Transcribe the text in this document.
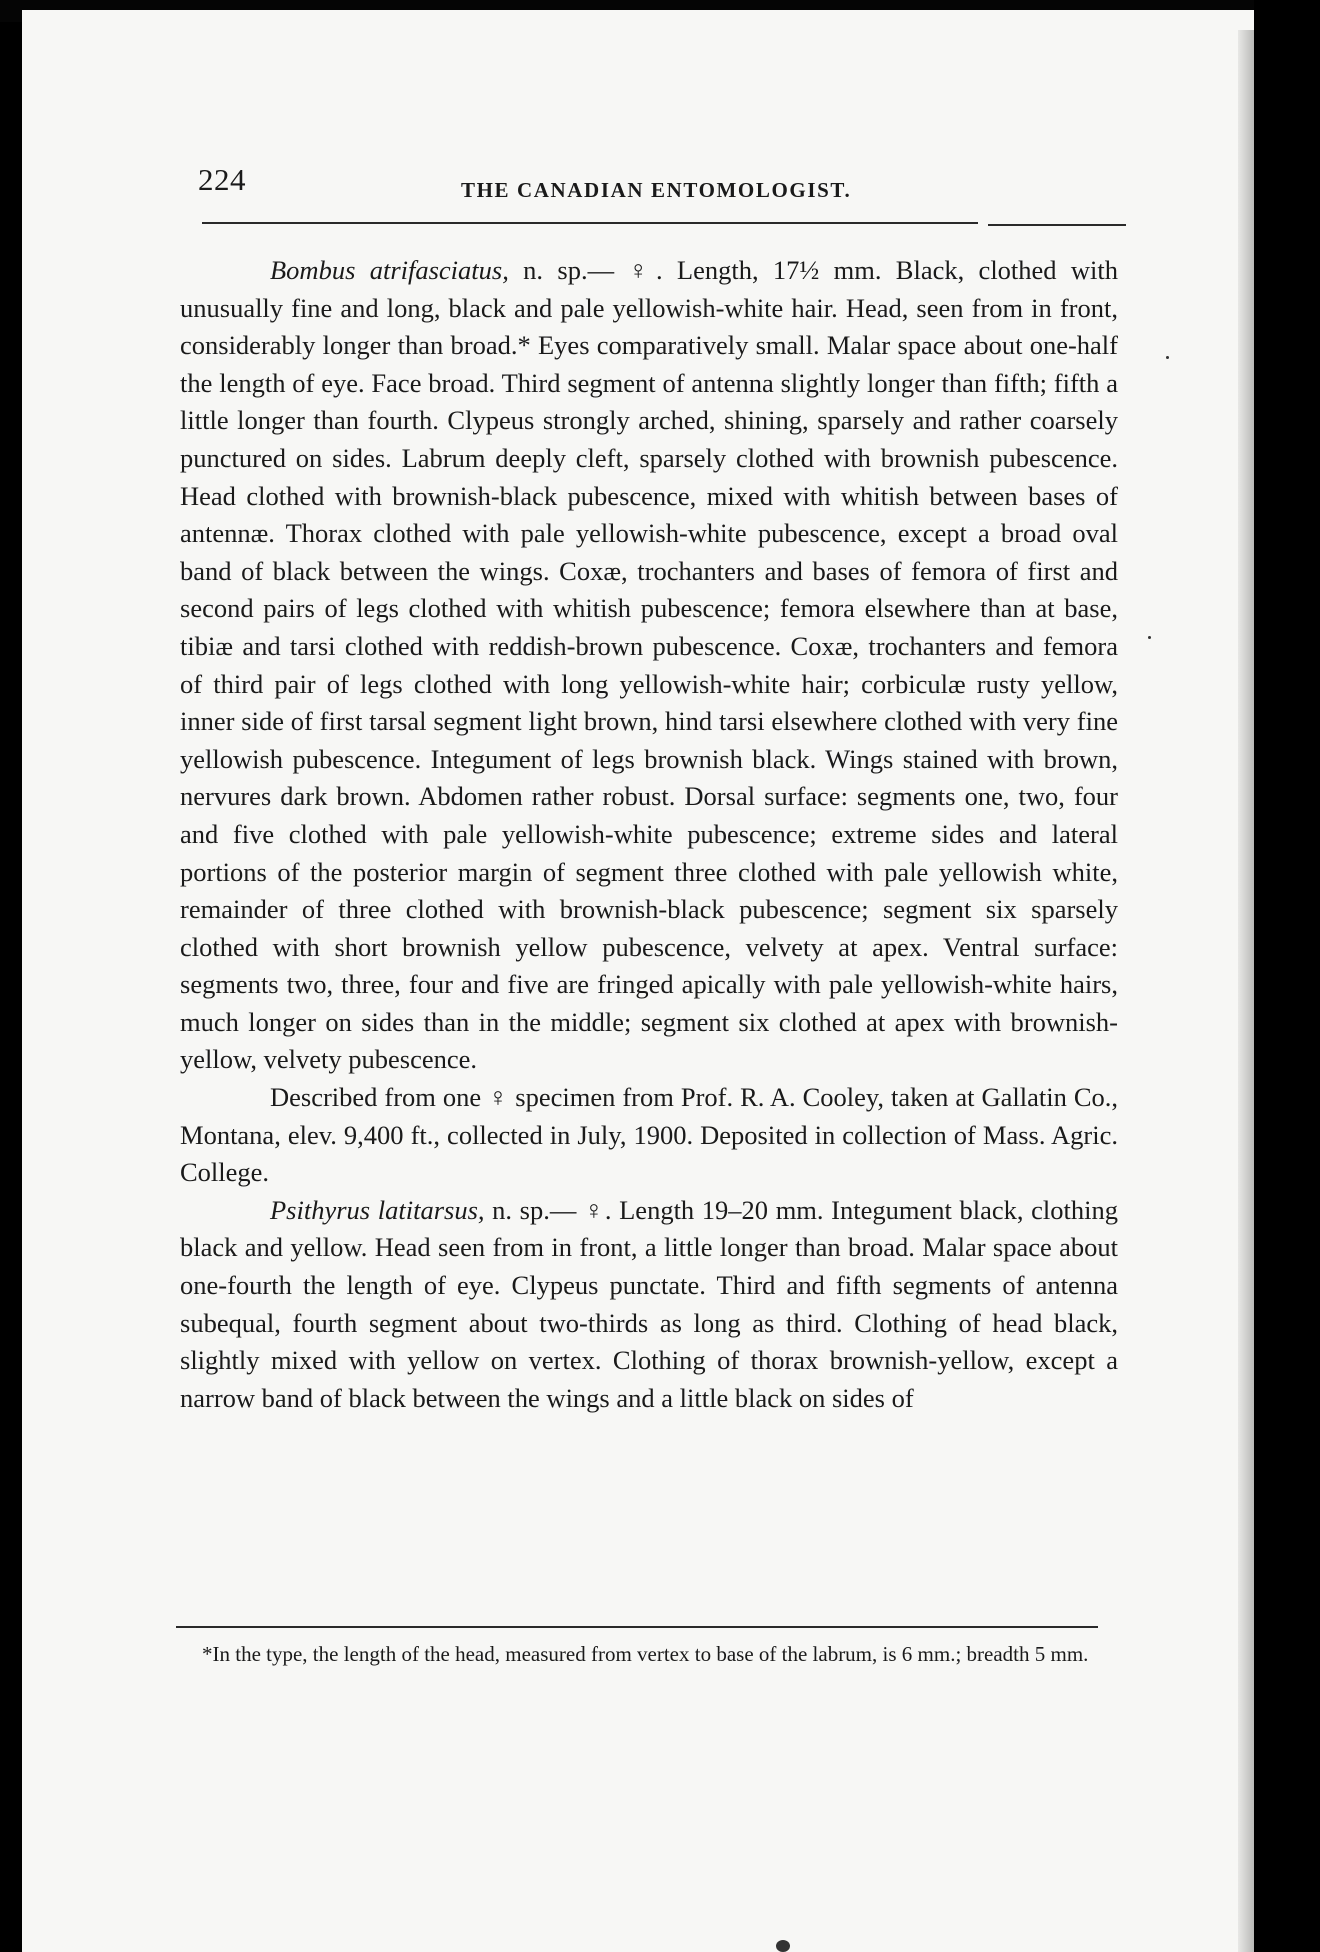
224	THE CANADIAN ENTOMOLOGIST.

Bombus atrifasciatus, n. sp.— ♀. Length, 17½ mm. Black, clothed with unusually fine and long, black and pale yellowish-white hair. Head, seen from in front, considerably longer than broad.* Eyes comparatively small. Malar space about one-half the length of eye. Face broad. Third segment of antenna slightly longer than fifth; fifth a little longer than fourth. Clypeus strongly arched, shining, sparsely and rather coarsely punctured on sides. Labrum deeply cleft, sparsely clothed with brownish pubescence. Head clothed with brownish-black pubescence, mixed with whitish between bases of antennæ. Thorax clothed with pale yellowish-white pubescence, except a broad oval band of black between the wings. Coxæ, trochanters and bases of femora of first and second pairs of legs clothed with whitish pubescence; femora elsewhere than at base, tibiæ and tarsi clothed with reddish-brown pubescence. Coxæ, trochanters and femora of third pair of legs clothed with long yellowish-white hair; corbiculæ rusty yellow, inner side of first tarsal segment light brown, hind tarsi elsewhere clothed with very fine yellowish pubescence. Integument of legs brownish black. Wings stained with brown, nervures dark brown. Abdomen rather robust. Dorsal surface: segments one, two, four and five clothed with pale yellowish-white pubescence; extreme sides and lateral portions of the posterior margin of segment three clothed with pale yellowish white, remainder of three clothed with brownish-black pubescence; segment six sparsely clothed with short brownish yellow pubescence, velvety at apex. Ventral surface: segments two, three, four and five are fringed apically with pale yellowish-white hairs, much longer on sides than in the middle; segment six clothed at apex with brownish-yellow, velvety pubescence.

Described from one ♀ specimen from Prof. R. A. Cooley, taken at Gallatin Co., Montana, elev. 9,400 ft., collected in July, 1900. Deposited in collection of Mass. Agric. College.

Psithyrus latitarsus, n. sp.— ♀. Length 19–20 mm. Integument black, clothing black and yellow. Head seen from in front, a little longer than broad. Malar space about one-fourth the length of eye. Clypeus punctate. Third and fifth segments of antenna subequal, fourth segment about two-thirds as long as third. Clothing of head black, slightly mixed with yellow on vertex. Clothing of thorax brownish-yellow, except a narrow band of black between the wings and a little black on sides of

*In the type, the length of the head, measured from vertex to base of the labrum, is 6 mm.; breadth 5 mm.
